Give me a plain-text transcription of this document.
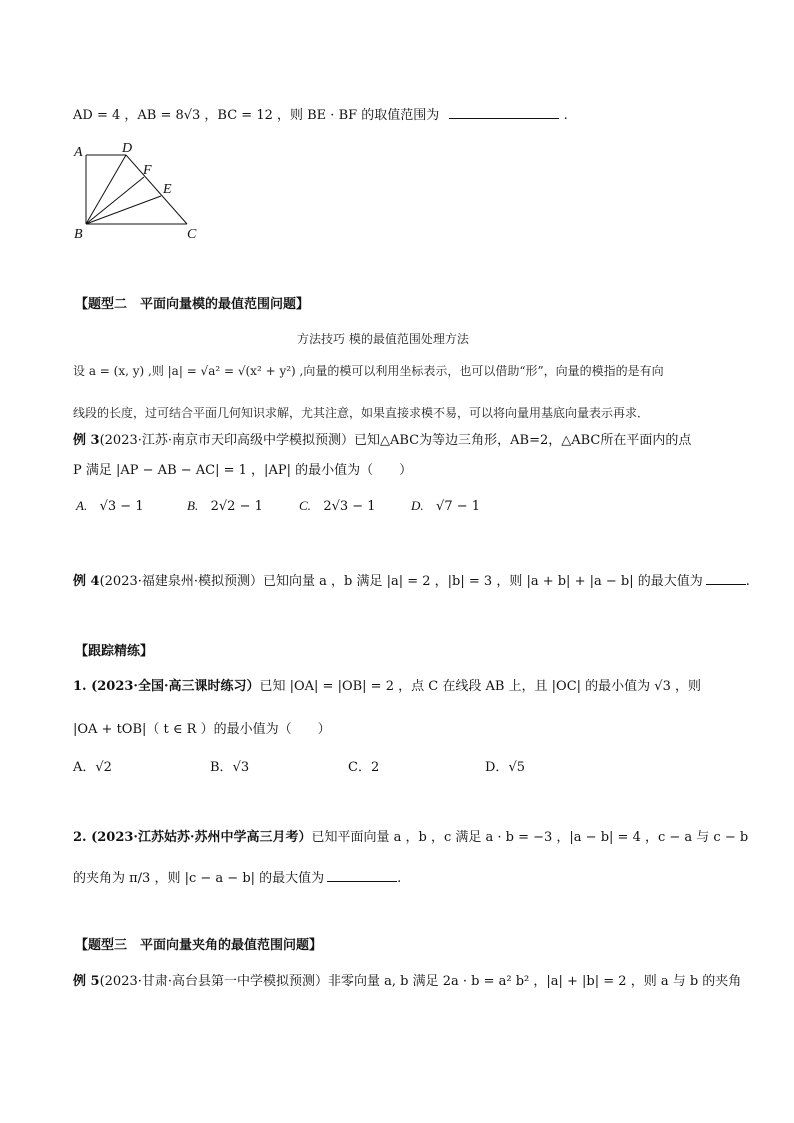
AD = 4 ，AB = 8√3 ，BC = 12 ，则 BE · BF 的取值范围为	.
A	D
F
E
B	C
【题型二　平面向量模的最值范围问题】
方法技巧 模的最值范围处理方法
设 a = (x, y) ,则 |a| = √a² = √(x² + y²) ,向量的模可以利用坐标表示，也可以借助“形”，向量的模指的是有向
线段的长度，过可结合平面几何知识求解，尤其注意，如果直接求模不易，可以将向量用基底向量表示再求．
例 3(2023·江苏·南京市天印高级中学模拟预测）已知△ABC为等边三角形，AB=2，△ABC所在平面内的点
P 满足 |AP − AB − AC| = 1 ，|AP| 的最小值为（　　）
A. √3 − 1	B. 2√2 − 1	C. 2√3 − 1	D. √7 − 1
例 4(2023·福建泉州·模拟预测）已知向量 a ，b 满足 |a| = 2 ，|b| = 3 ，则 |a + b| + |a − b| 的最大值为	.
【跟踪精练】
1. (2023·全国·高三课时练习）已知 |OA| = |OB| = 2 ，点 C 在线段 AB 上，且 |OC| 的最小值为 √3 ，则
|OA + tOB|（ t ∈ R ）的最小值为（　　）
A．√2	B．√3	C．2	D．√5
2. (2023·江苏姑苏·苏州中学高三月考）已知平面向量 a ，b ，c 满足 a · b = −3 ，|a − b| = 4 ，c − a 与 c − b
的夹角为 π/3 ，则 |c − a − b| 的最大值为	.
【题型三　平面向量夹角的最值范围问题】
例 5(2023·甘肃·高台县第一中学模拟预测）非零向量 a, b 满足 2a · b = a² b² ，|a| + |b| = 2 ，则 a 与 b 的夹角
